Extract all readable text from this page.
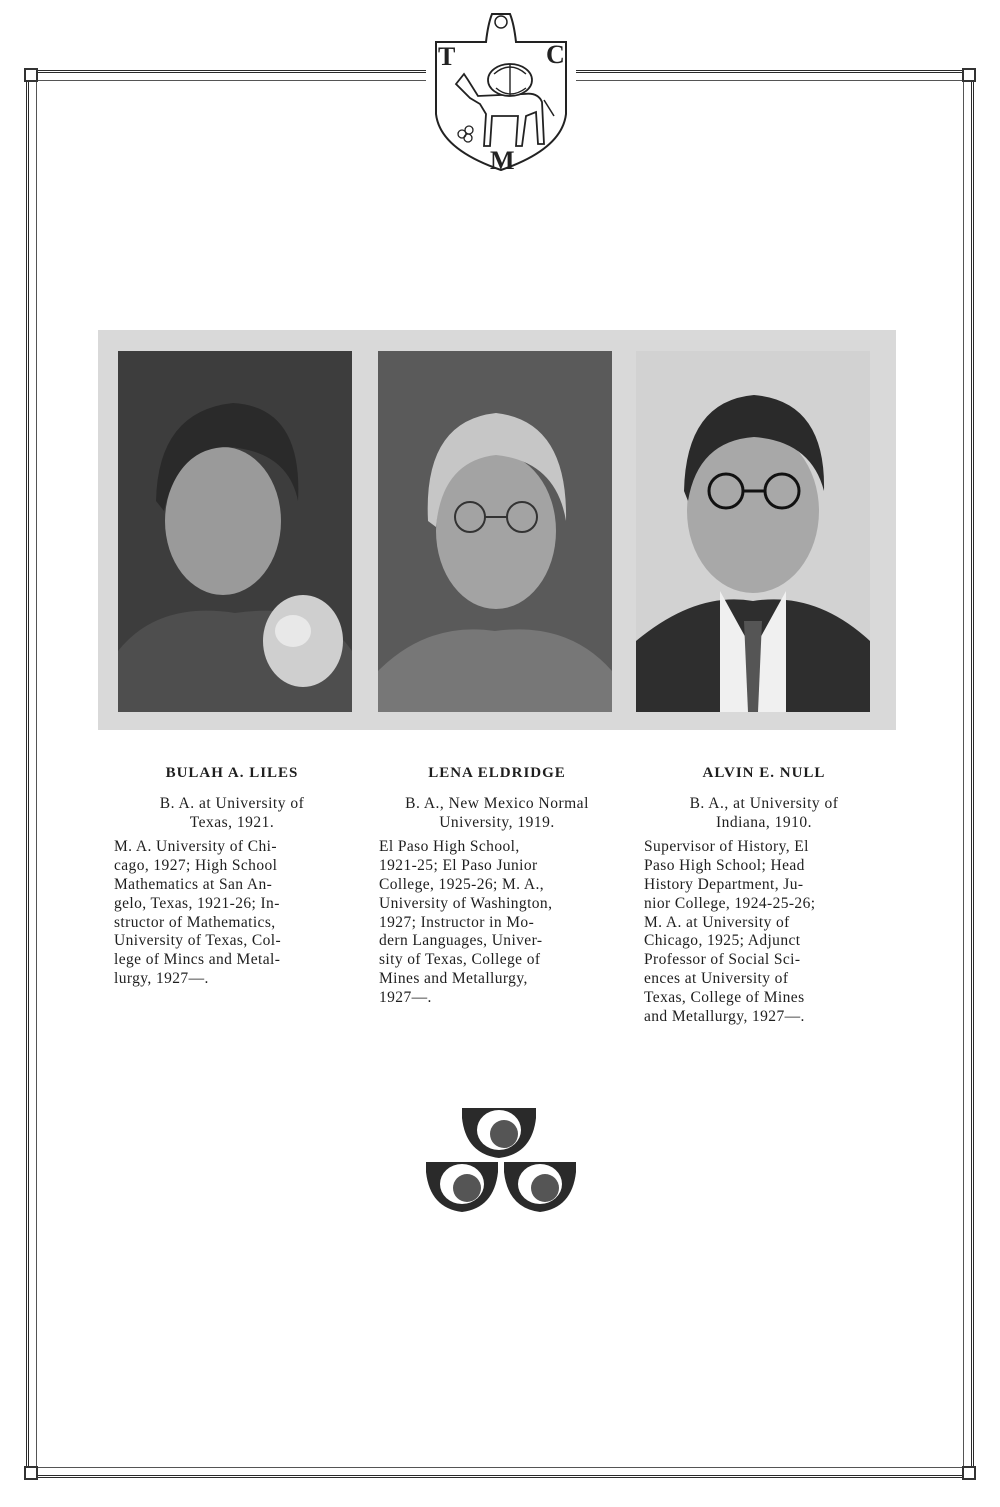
T	C
M
BULAH A. LILES
B. A. at University of
Texas, 1921.
M. A. University of Chi-
cago, 1927; High School
Mathematics at San An-
gelo, Texas, 1921-26; In-
structor of Mathematics,
University of Texas, Col-
lege of Mincs and Metal-
lurgy, 1927—.
LENA ELDRIDGE
B. A., New Mexico Normal
University, 1919.
El Paso High School,
1921-25; El Paso Junior
College, 1925-26; M. A.,
University of Washington,
1927; Instructor in Mo-
dern Languages, Univer-
sity of Texas, College of
Mines and Metallurgy,
1927—.
ALVIN E. NULL
B. A., at University of
Indiana, 1910.
Supervisor of History, El
Paso High School; Head
History Department, Ju-
nior College, 1924-25-26;
M. A. at University of
Chicago, 1925; Adjunct
Professor of Social Sci-
ences at University of
Texas, College of Mines
and Metallurgy, 1927—.
